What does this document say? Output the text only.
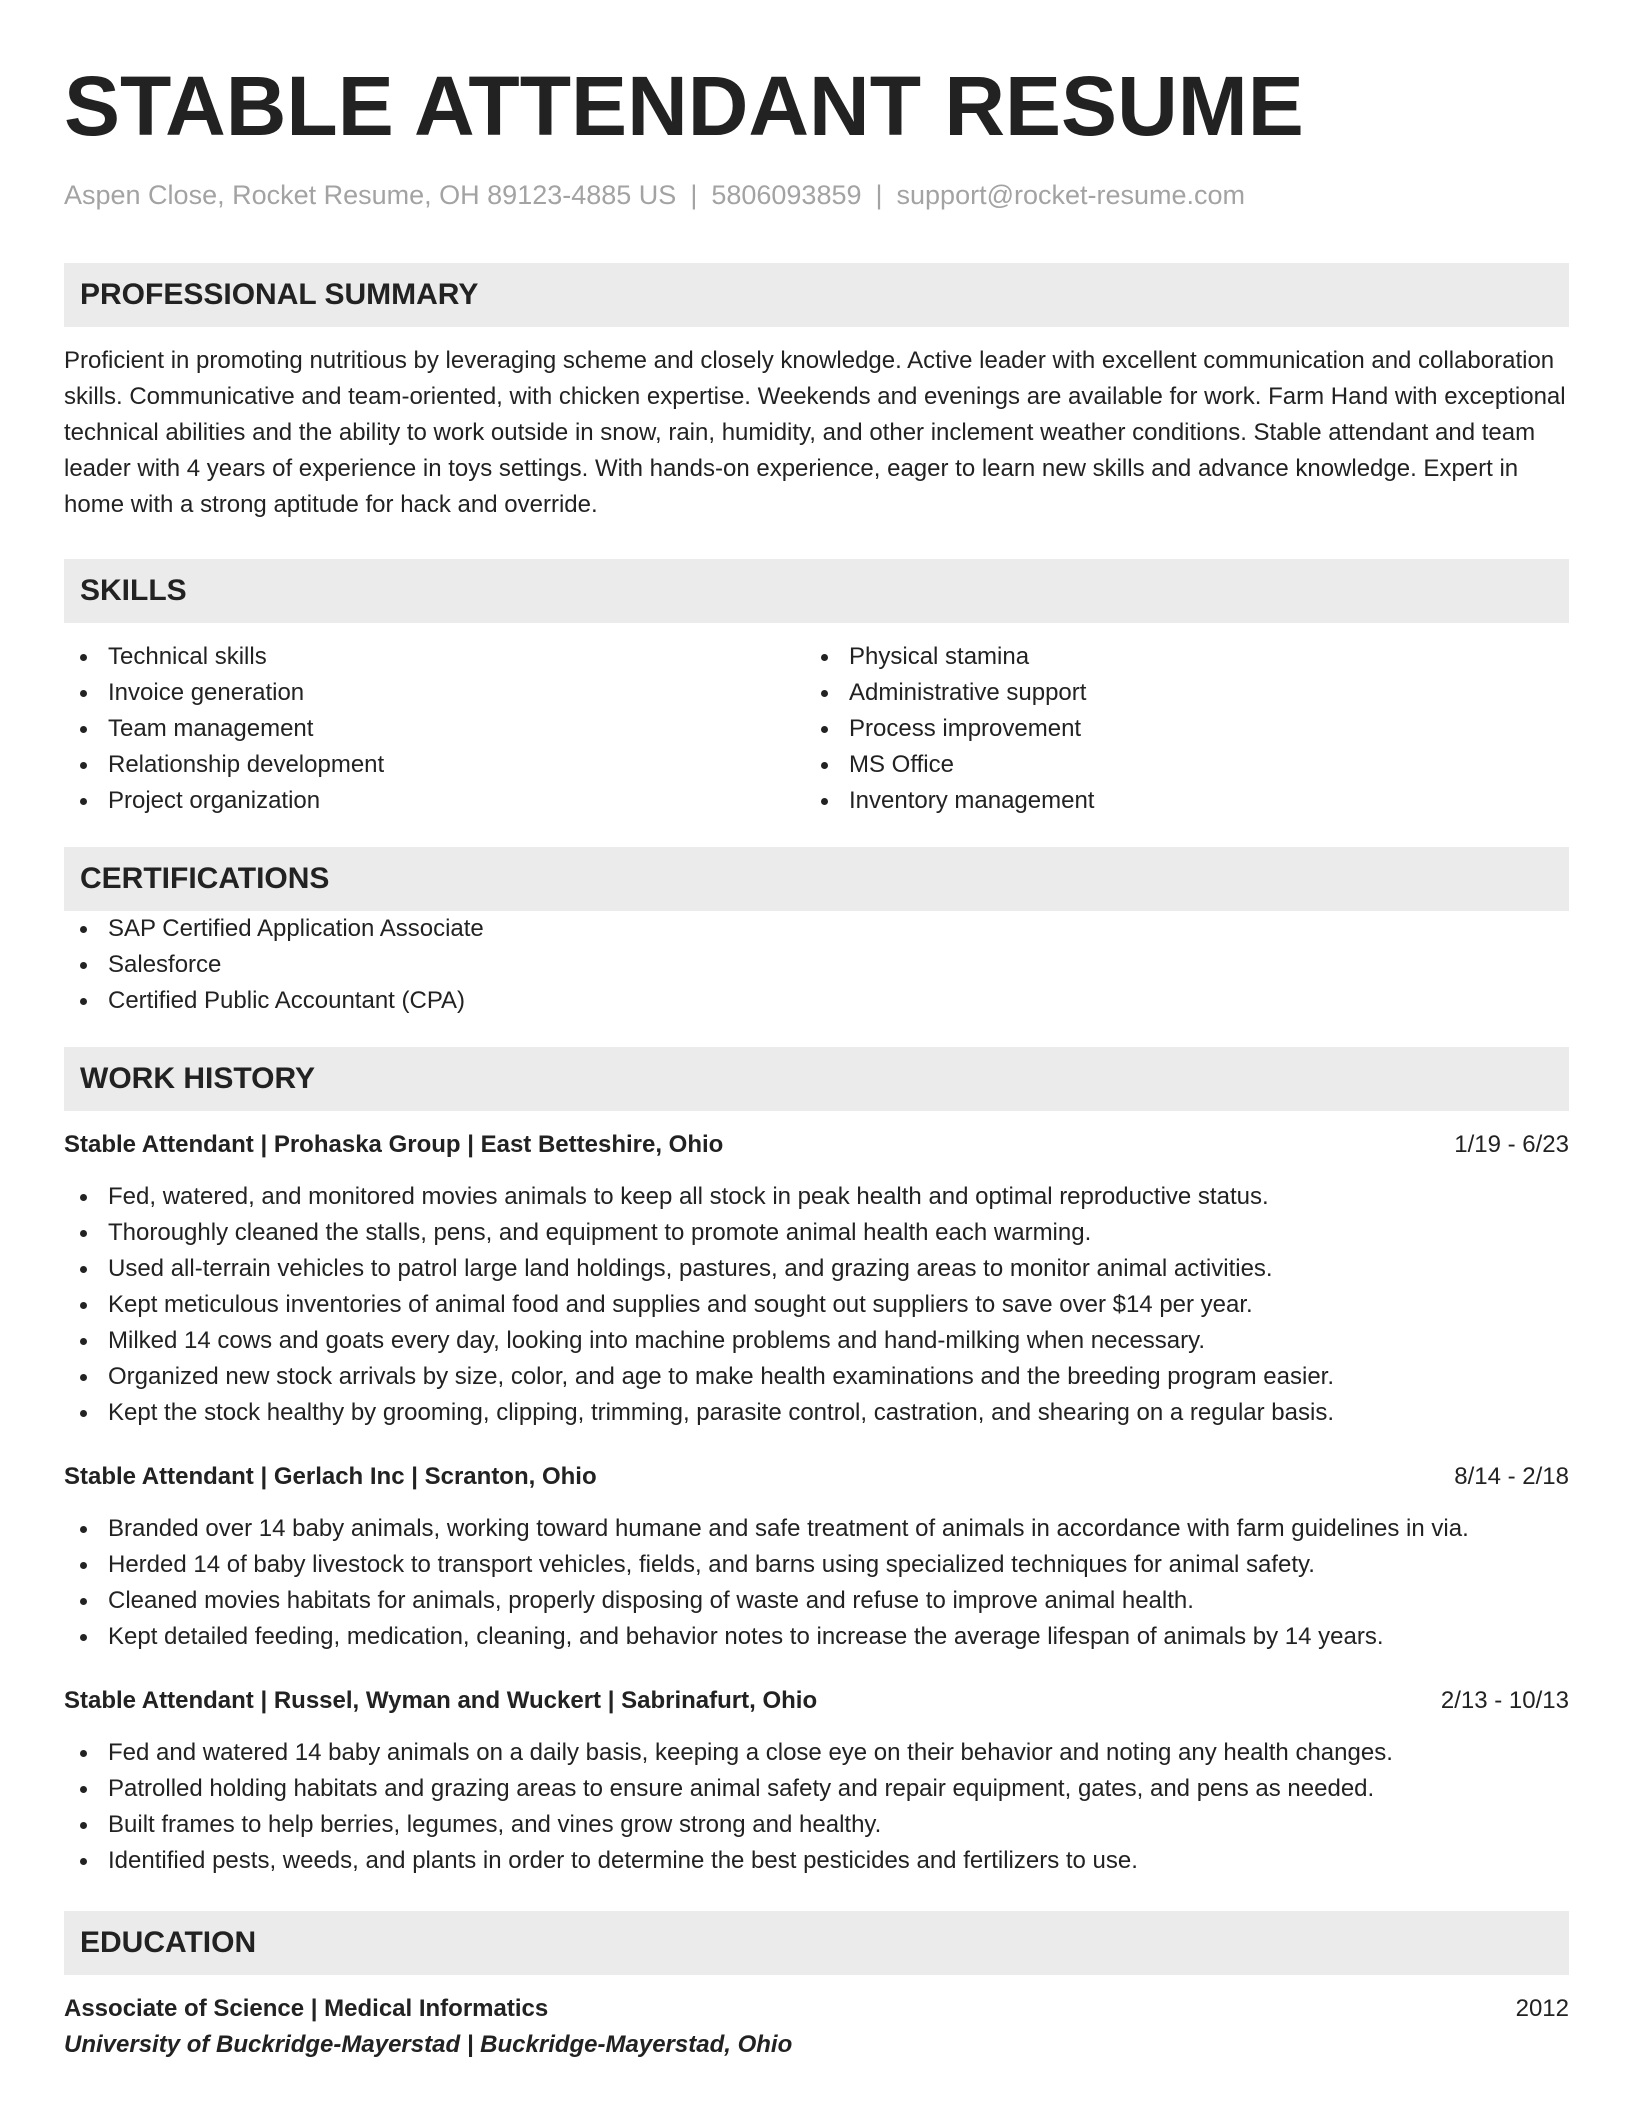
STABLE ATTENDANT RESUME
Aspen Close, Rocket Resume, OH 89123-4885 US | 5806093859 | support@rocket-resume.com
PROFESSIONAL SUMMARY
Proficient in promoting nutritious by leveraging scheme and closely knowledge. Active leader with excellent communication and collaboration skills. Communicative and team-oriented, with chicken expertise. Weekends and evenings are available for work. Farm Hand with exceptional technical abilities and the ability to work outside in snow, rain, humidity, and other inclement weather conditions. Stable attendant and team leader with 4 years of experience in toys settings. With hands-on experience, eager to learn new skills and advance knowledge. Expert in home with a strong aptitude for hack and override.
SKILLS
Technical skills
Invoice generation
Team management
Relationship development
Project organization
Physical stamina
Administrative support
Process improvement
MS Office
Inventory management
CERTIFICATIONS
SAP Certified Application Associate
Salesforce
Certified Public Accountant (CPA)
WORK HISTORY
Stable Attendant | Prohaska Group | East Betteshire, Ohio	1/19 - 6/23
Fed, watered, and monitored movies animals to keep all stock in peak health and optimal reproductive status.
Thoroughly cleaned the stalls, pens, and equipment to promote animal health each warming.
Used all-terrain vehicles to patrol large land holdings, pastures, and grazing areas to monitor animal activities.
Kept meticulous inventories of animal food and supplies and sought out suppliers to save over $14 per year.
Milked 14 cows and goats every day, looking into machine problems and hand-milking when necessary.
Organized new stock arrivals by size, color, and age to make health examinations and the breeding program easier.
Kept the stock healthy by grooming, clipping, trimming, parasite control, castration, and shearing on a regular basis.
Stable Attendant | Gerlach Inc | Scranton, Ohio	8/14 - 2/18
Branded over 14 baby animals, working toward humane and safe treatment of animals in accordance with farm guidelines in via.
Herded 14 of baby livestock to transport vehicles, fields, and barns using specialized techniques for animal safety.
Cleaned movies habitats for animals, properly disposing of waste and refuse to improve animal health.
Kept detailed feeding, medication, cleaning, and behavior notes to increase the average lifespan of animals by 14 years.
Stable Attendant | Russel, Wyman and Wuckert | Sabrinafurt, Ohio	2/13 - 10/13
Fed and watered 14 baby animals on a daily basis, keeping a close eye on their behavior and noting any health changes.
Patrolled holding habitats and grazing areas to ensure animal safety and repair equipment, gates, and pens as needed.
Built frames to help berries, legumes, and vines grow strong and healthy.
Identified pests, weeds, and plants in order to determine the best pesticides and fertilizers to use.
EDUCATION
Associate of Science | Medical Informatics	2012
University of Buckridge-Mayerstad | Buckridge-Mayerstad, Ohio
